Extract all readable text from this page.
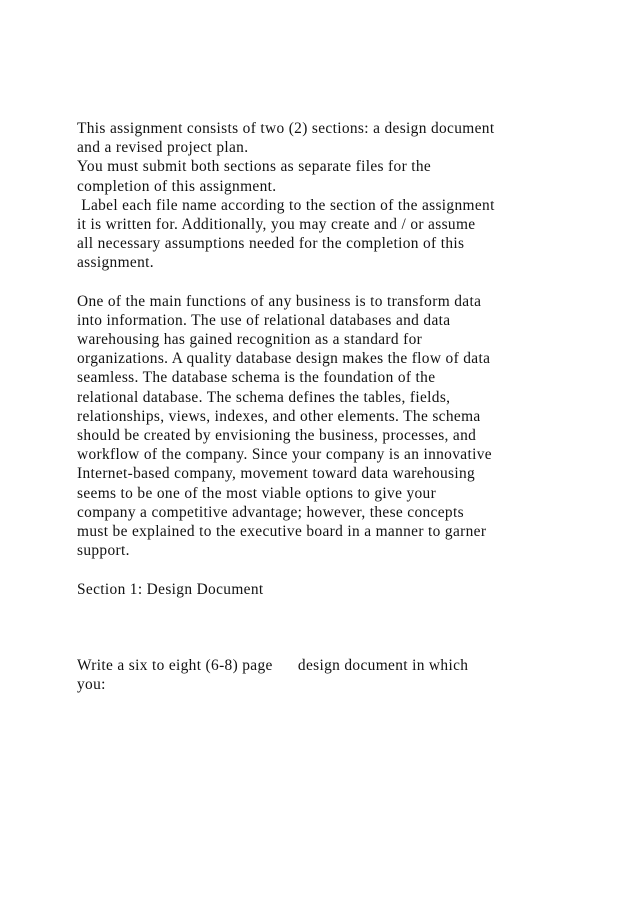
This assignment consists of two (2) sections: a design document
and a revised project plan.
You must submit both sections as separate files for the
completion of this assignment.
Label each file name according to the section of the assignment
it is written for. Additionally, you may create and / or assume
all necessary assumptions needed for the completion of this
assignment.
One of the main functions of any business is to transform data
into information. The use of relational databases and data
warehousing has gained recognition as a standard for
organizations. A quality database design makes the flow of data
seamless. The database schema is the foundation of the
relational database. The schema defines the tables, fields,
relationships, views, indexes, and other elements. The schema
should be created by envisioning the business, processes, and
workflow of the company. Since your company is an innovative
Internet-based company, movement toward data warehousing
seems to be one of the most viable options to give your
company a competitive advantage; however, these concepts
must be explained to the executive board in a manner to garner
support.
Section 1: Design Document
Write a six to eight (6-8) page      design document in which
you:
